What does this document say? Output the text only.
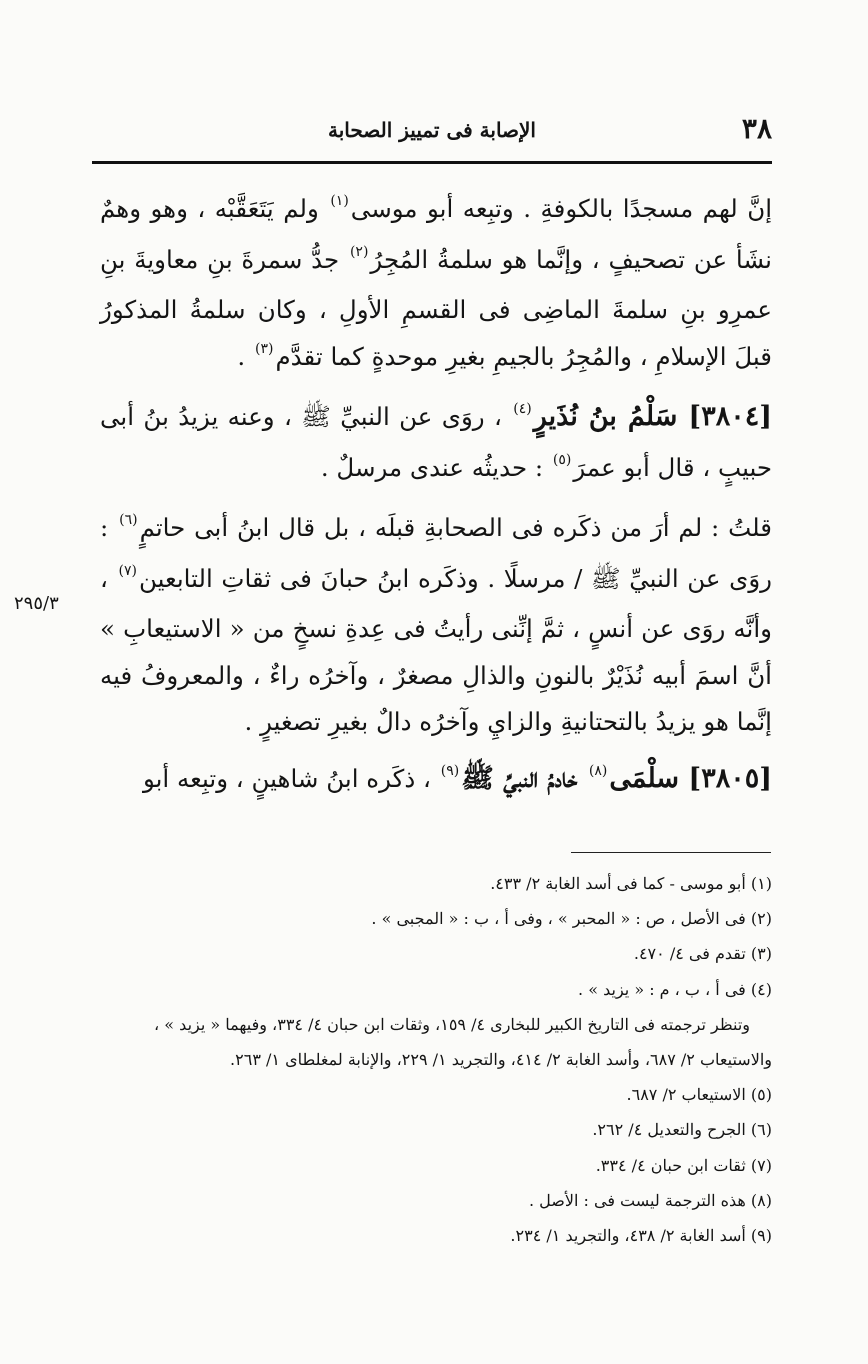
٣٨
الإصابة فى تمييز الصحابة
٢٩٥/٣

إنَّ لهم مسجدًا بالكوفةِ . وتبِعه أبو موسى$^{(١)}$ ولم يَتَعَقَّبْه ، وهو وهمٌ نشَأ عن تصحيفٍ ، وإنَّما هو سلمةُ المُجِرُ$^{(٢)}$ جدُّ سمرةَ بنِ معاويةَ بنِ عمرِو بنِ سلمةَ الماضِى فى القسمِ الأولِ ، وكان سلمةُ المذكورُ قبلَ الإسلامِ ، والمُجِرُ بالجيمِ بغيرِ موحدةٍ كما تقدَّم$^{(٣)}$ .

[٣٨٠٤] سَلْمُ بنُ نُذَيرٍ$^{(٤)}$ ، روَى عن النبيِّ ﷺ ، وعنه يزيدُ بنُ أبى حبيبٍ ، قال أبو عمرَ$^{(٥)}$ : حديثُه عندى مرسلٌ .

قلتُ : لم أرَ من ذكَره فى الصحابةِ قبلَه ، بل قال ابنُ أبى حاتمٍ$^{(٦)}$ : روَى عن النبيِّ ﷺ / مرسلًا . وذكَره ابنُ حبانَ فى ثقاتِ التابعين$^{(٧)}$ ، وأنَّه روَى عن أنسٍ ، ثمَّ إنِّنى رأيتُ فى عِدةِ نسخٍ من « الاستيعابِ » أنَّ اسمَ أبيه نُذَيْرٌ بالنونِ والذالِ مصغرٌ ، وآخرُه راءٌ ، والمعروفُ فيه إنَّما هو يزيدُ بالتحتانيةِ والزايِ وآخرُه دالٌ بغيرِ تصغيرٍ .

[٣٨٠٥] سلْمَى$^{(٨)}$ خادمُ النبيِّ ﷺ$^{(٩)}$ ، ذكَره ابنُ شاهينٍ ، وتبِعه أبو

(١) أبو موسى - كما فى أسد الغابة ٢/ ٤٣٣.

(٢) فى الأصل ، ص : « المحبر » ، وفى أ ، ب : « المجبى » .

(٣) تقدم فى ٤/ ٤٧٠.

(٤) فى أ ، ب ، م : « يزيد » .

وتنظر ترجمته فى التاريخ الكبير للبخارى ٤/ ١٥٩، وثقات ابن حبان ٤/ ٣٣٤، وفيهما « يزيد » ،

والاستيعاب ٢/ ٦٨٧، وأسد الغابة ٢/ ٤١٤، والتجريد ١/ ٢٢٩، والإنابة لمغلطاى ١/ ٢٦٣.

(٥) الاستيعاب ٢/ ٦٨٧.

(٦) الجرح والتعديل ٤/ ٢٦٢.

(٧) ثقات ابن حبان ٤/ ٣٣٤.

(٨) هذه الترجمة ليست فى : الأصل .

(٩) أسد الغابة ٢/ ٤٣٨، والتجريد ١/ ٢٣٤.
